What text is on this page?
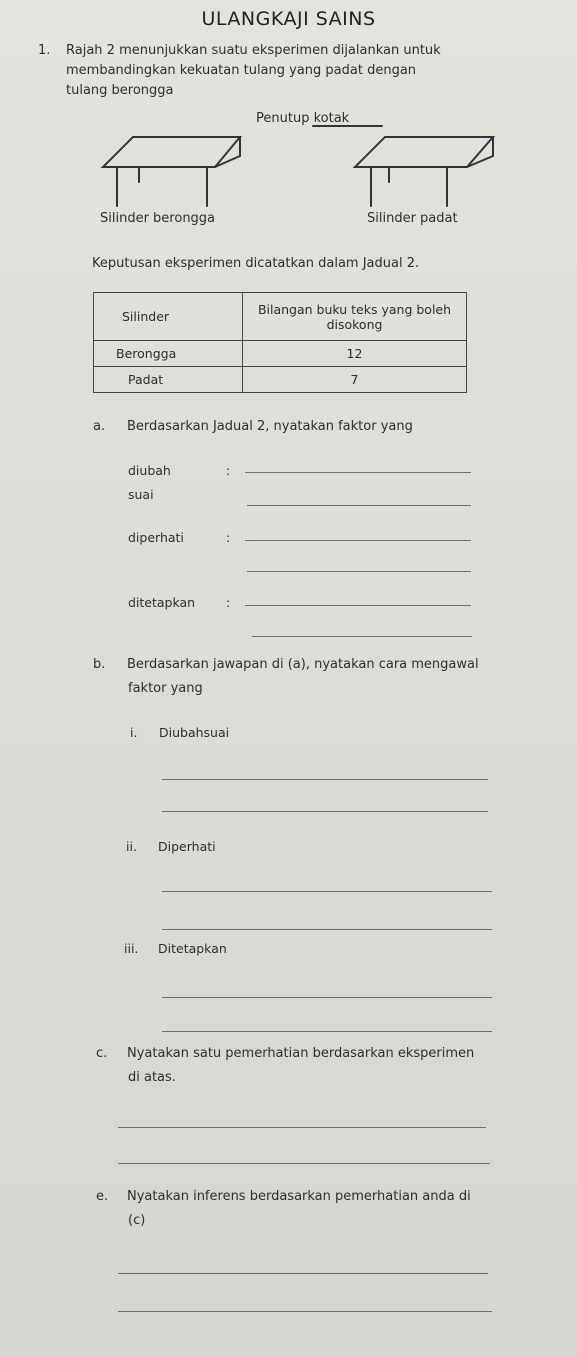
ULANGKAJI SAINS
1. Rajah 2 menunjukkan suatu eksperimen dijalankan untuk
membandingkan kekuatan tulang yang padat dengan
tulang berongga
Penutup kotak
Silinder berongga	Silinder padat
Keputusan eksperimen dicatatkan dalam Jadual 2.
Silinder	Bilangan buku teks yang boleh disokong
Berongga	12
Padat	7
a. Berdasarkan Jadual 2, nyatakan faktor yang
diubah	:
suai
diperhati	:
ditetapkan :
b. Berdasarkan jawapan di (a), nyatakan cara mengawal
faktor yang
i. Diubahsuai
ii. Diperhati
iii. Ditetapkan
c. Nyatakan satu pemerhatian berdasarkan eksperimen
di atas.
e. Nyatakan inferens berdasarkan pemerhatian anda di
(c)
